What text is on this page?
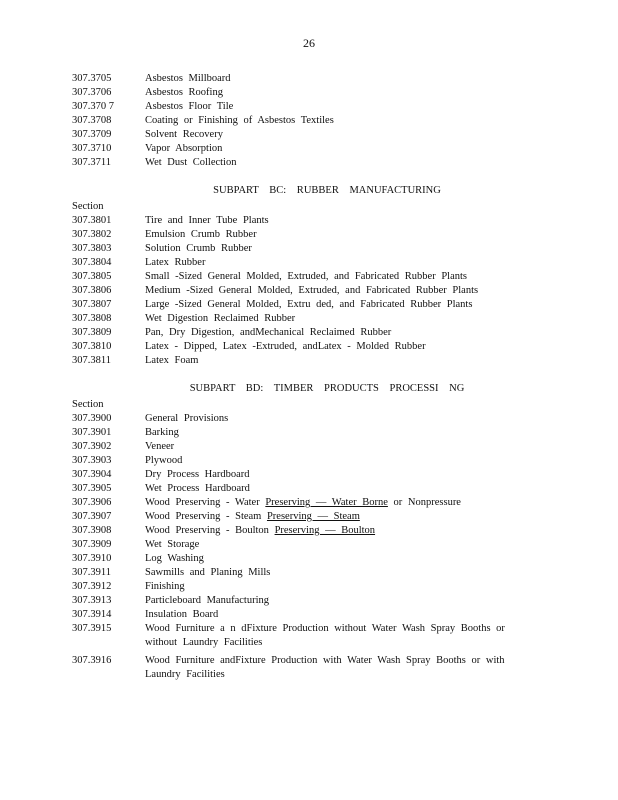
26
307.3705	Asbestos Millboard
307.3706	Asbestos Roofing
307.370 7	Asbestos Floor Tile
307.3708	Coating or Finishing of Asbestos Textiles
307.3709	Solvent Recovery
307.3710	Vapor Absorption
307.3711	Wet Dust Collection
SUBPART BC: RUBBER MANUFACTURING
Section
307.3801	Tire and Inner Tube Plants
307.3802	Emulsion Crumb Rubber
307.3803	Solution Crumb Rubber
307.3804	Latex Rubber
307.3805	Small -Sized General Molded, Extruded, and Fabricated Rubber Plants
307.3806	Medium -Sized General Molded, Extruded, and Fabricated Rubber Plants
307.3807	Large -Sized General Molded, Extru ded, and Fabricated Rubber Plants
307.3808	Wet Digestion Reclaimed Rubber
307.3809	Pan, Dry Digestion, andMechanical Reclaimed Rubber
307.3810	Latex - Dipped, Latex -Extruded, andLatex - Molded Rubber
307.3811	Latex Foam
SUBPART BD: TIMBER PRODUCTS PROCESSI NG
Section
307.3900	General Provisions
307.3901	Barking
307.3902	Veneer
307.3903	Plywood
307.3904	Dry Process Hardboard
307.3905	Wet Process Hardboard
307.3906	Wood Preserving - Water Preserving — Water Borne or Nonpressure
307.3907	Wood Preserving - Steam Preserving — Steam
307.3908	Wood Preserving - Boulton Preserving — Boulton
307.3909	Wet Storage
307.3910	Log Washing
307.3911	Sawmills and Planing Mills
307.3912	Finishing
307.3913	Particleboard Manufacturing
307.3914	Insulation Board
307.3915	Wood Furniture a n dFixture Production without Water Wash Spray Booths or without Laundry Facilities
307.3916	Wood Furniture andFixture Production with Water Wash Spray Booths or with Laundry Facilities
